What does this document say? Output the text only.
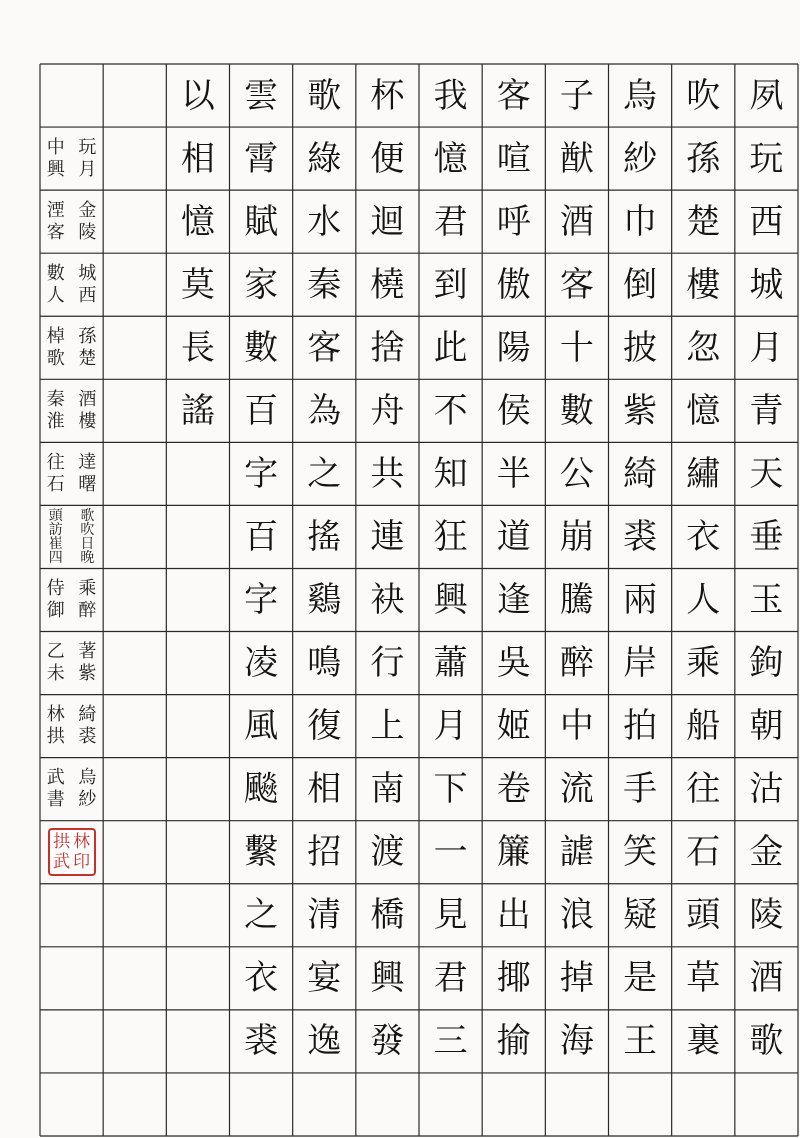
夙
玩
西
城
月
青
天
垂
玉
鉤
朝
沽
金
陵
酒
歌
吹
孫
楚
樓
忽
憶
繡
衣
人
乘
船
往
石
頭
草
裏
烏
紗
巾
倒
披
紫
綺
裘
兩
岸
拍
手
笑
疑
是
王
子
猷
酒
客
十
數
公
崩
騰
醉
中
流
謔
浪
掉
海
客
喧
呼
傲
陽
侯
半
道
逢
吳
姬
卷
簾
出
揶
揄
我
憶
君
到
此
不
知
狂
興
蕭
月
下
一
見
君
三
杯
便
迴
橈
捨
舟
共
連
袂
行
上
南
渡
橋
興
發
歌
綠
水
秦
客
為
之
搖
鷄
鳴
復
相
招
清
宴
逸
雲
霄
賦
家
數
百
字
百
字
凌
風
飈
繫
之
衣
裘
以
相
憶
莫
長
謠
玩
月
中
興
金
陵
湮
客
城
西
數
人
孫
楚
棹
歌
酒
樓
秦
淮
達
曙
往
石
歌
吹
日
晚
頭
訪
崔
四
乘
醉
侍
御
著
紫
乙
未
綺
裘
林
拱
烏
紗
武
書
拱 林
武 印
